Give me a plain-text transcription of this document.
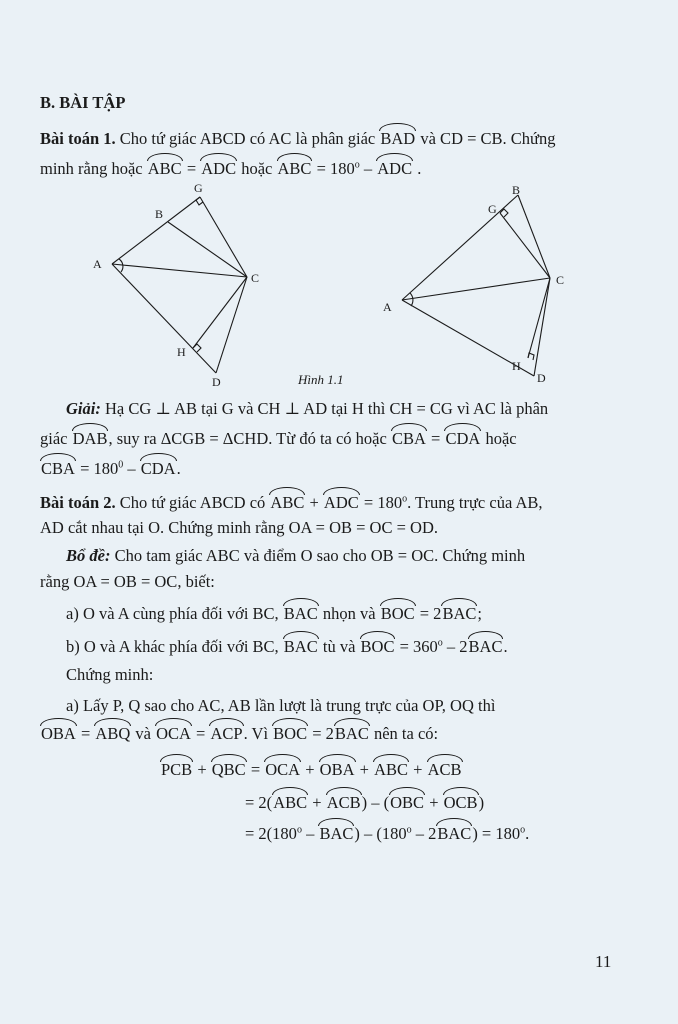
B. BÀI TẬP
Bài toán 1. Cho tứ giác ABCD có AC là phân giác BAD và CD = CB. Chứng
minh rằng hoặc ABC = ADC hoặc ABC = $180^o$ – ADC .
G
B
A
C
H
D
B
G
C
A
H
D
Hình 1.1
Giải: Hạ CG ⊥ AB tại G và CH ⊥ AD tại H thì CH = CG vì AC là phân
giác DAB, suy ra ΔCGB = ΔCHD. Từ đó ta có hoặc CBA = CDA hoặc
CBA = $180^0$ – CDA.
Bài toán 2. Cho tứ giác ABCD có ABC + ADC = $180^o$. Trung trực của AB,
AD cắt nhau tại O. Chứng minh rằng OA = OB = OC = OD.
Bổ đề: Cho tam giác ABC và điểm O sao cho OB = OC. Chứng minh
rằng OA = OB = OC, biết:
a) O và A cùng phía đối với BC, BAC nhọn và BOC = 2BAC;
b) O và A khác phía đối với BC, BAC tù và BOC = $360^o - 2BAC$.
Chứng minh:
a) Lấy P, Q sao cho AC, AB lần lượt là trung trực của OP, OQ thì
OBA = ABQ và OCA = ACP. Vì BOC = 2BAC nên ta có:
PCB + QBC = OCA + OBA + ABC + ACB
= 2(ABC + ACB) – (OBC + OCB)
= $2(180^o - BAC) - (180^o - 2BAC) = 180^o$.
11
